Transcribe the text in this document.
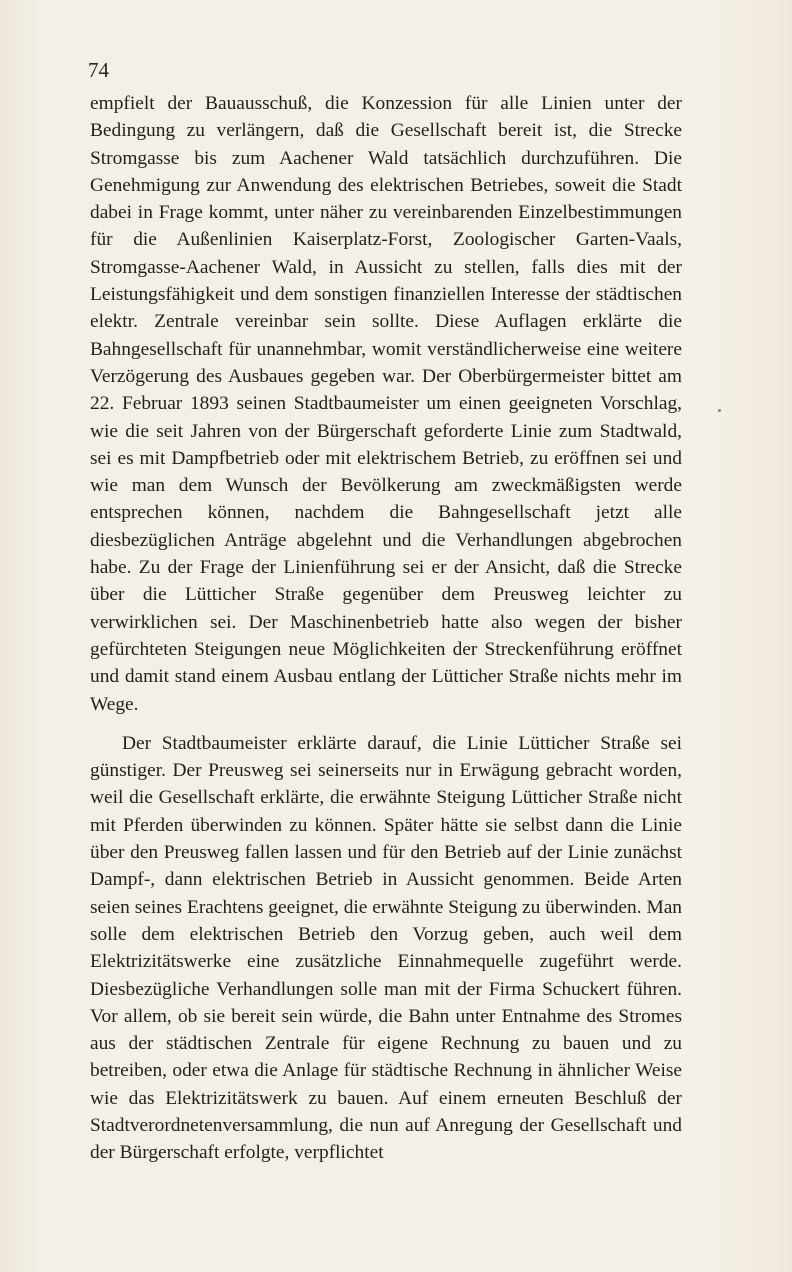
74

empfielt der Bauausschuß, die Konzession für alle Linien unter der Bedingung zu verlängern, daß die Gesellschaft bereit ist, die Strecke Stromgasse bis zum Aachener Wald tatsächlich durchzuführen. Die Genehmigung zur Anwendung des elektrischen Betriebes, soweit die Stadt dabei in Frage kommt, unter näher zu vereinbarenden Einzelbestimmungen für die Außenlinien Kaiserplatz-Forst, Zoologischer Garten-Vaals, Stromgasse-Aachener Wald, in Aussicht zu stellen, falls dies mit der Leistungsfähigkeit und dem sonstigen finanziellen Interesse der städtischen elektr. Zentrale vereinbar sein sollte. Diese Auflagen erklärte die Bahngesellschaft für unannehmbar, womit verständlicherweise eine weitere Verzögerung des Ausbaues gegeben war. Der Oberbürgermeister bittet am 22. Februar 1893 seinen Stadtbaumeister um einen geeigneten Vorschlag, wie die seit Jahren von der Bürgerschaft geforderte Linie zum Stadtwald, sei es mit Dampfbetrieb oder mit elektrischem Betrieb, zu eröffnen sei und wie man dem Wunsch der Bevölkerung am zweckmäßigsten werde entsprechen können, nachdem die Bahngesellschaft jetzt alle diesbezüglichen Anträge abgelehnt und die Verhandlungen abgebrochen habe. Zu der Frage der Linienführung sei er der Ansicht, daß die Strecke über die Lütticher Straße gegenüber dem Preusweg leichter zu verwirklichen sei. Der Maschinenbetrieb hatte also wegen der bisher gefürchteten Steigungen neue Möglichkeiten der Streckenführung eröffnet und damit stand einem Ausbau entlang der Lütticher Straße nichts mehr im Wege.

Der Stadtbaumeister erklärte darauf, die Linie Lütticher Straße sei günstiger. Der Preusweg sei seinerseits nur in Erwägung gebracht worden, weil die Gesellschaft erklärte, die erwähnte Steigung Lütticher Straße nicht mit Pferden überwinden zu können. Später hätte sie selbst dann die Linie über den Preusweg fallen lassen und für den Betrieb auf der Linie zunächst Dampf-, dann elektrischen Betrieb in Aussicht genommen. Beide Arten seien seines Erachtens geeignet, die erwähnte Steigung zu überwinden. Man solle dem elektrischen Betrieb den Vorzug geben, auch weil dem Elektrizitätswerke eine zusätzliche Einnahmequelle zugeführt werde. Diesbezügliche Verhandlungen solle man mit der Firma Schuckert führen. Vor allem, ob sie bereit sein würde, die Bahn unter Entnahme des Stromes aus der städtischen Zentrale für eigene Rechnung zu bauen und zu betreiben, oder etwa die Anlage für städtische Rechnung in ähnlicher Weise wie das Elektrizitätswerk zu bauen. Auf einem erneuten Beschluß der Stadtverordnetenversammlung, die nun auf Anregung der Gesellschaft und der Bürgerschaft erfolgte, verpflichtet
